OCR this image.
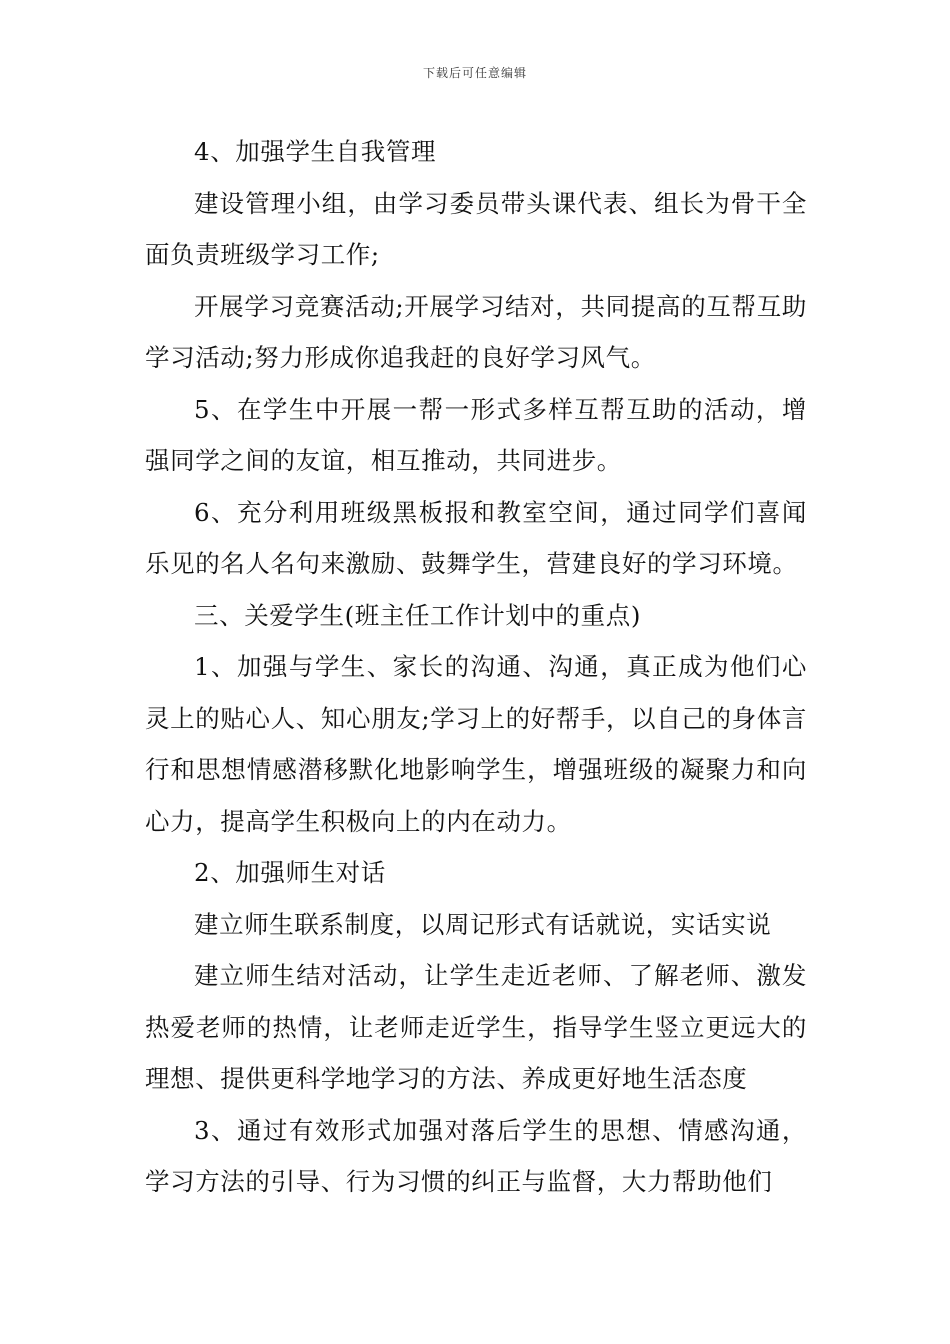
下载后可任意编辑

4、加强学生自我管理

建设管理小组，由学习委员带头课代表、组长为骨干全面负责班级学习工作;

开展学习竞赛活动;开展学习结对，共同提高的互帮互助学习活动;努力形成你追我赶的良好学习风气。

5、在学生中开展一帮一形式多样互帮互助的活动，增强同学之间的友谊，相互推动，共同进步。

6、充分利用班级黑板报和教室空间，通过同学们喜闻乐见的名人名句来激励、鼓舞学生，营建良好的学习环境。

三、关爱学生(班主任工作计划中的重点)

1、加强与学生、家长的沟通、沟通，真正成为他们心灵上的贴心人、知心朋友;学习上的好帮手，以自己的身体言行和思想情感潜移默化地影响学生，增强班级的凝聚力和向心力，提高学生积极向上的内在动力。

2、加强师生对话

建立师生联系制度，以周记形式有话就说，实话实说

建立师生结对活动，让学生走近老师、了解老师、激发热爱老师的热情，让老师走近学生，指导学生竖立更远大的理想、提供更科学地学习的方法、养成更好地生活态度

3、通过有效形式加强对落后学生的思想、情感沟通，学习方法的引导、行为习惯的纠正与监督，大力帮助他们
